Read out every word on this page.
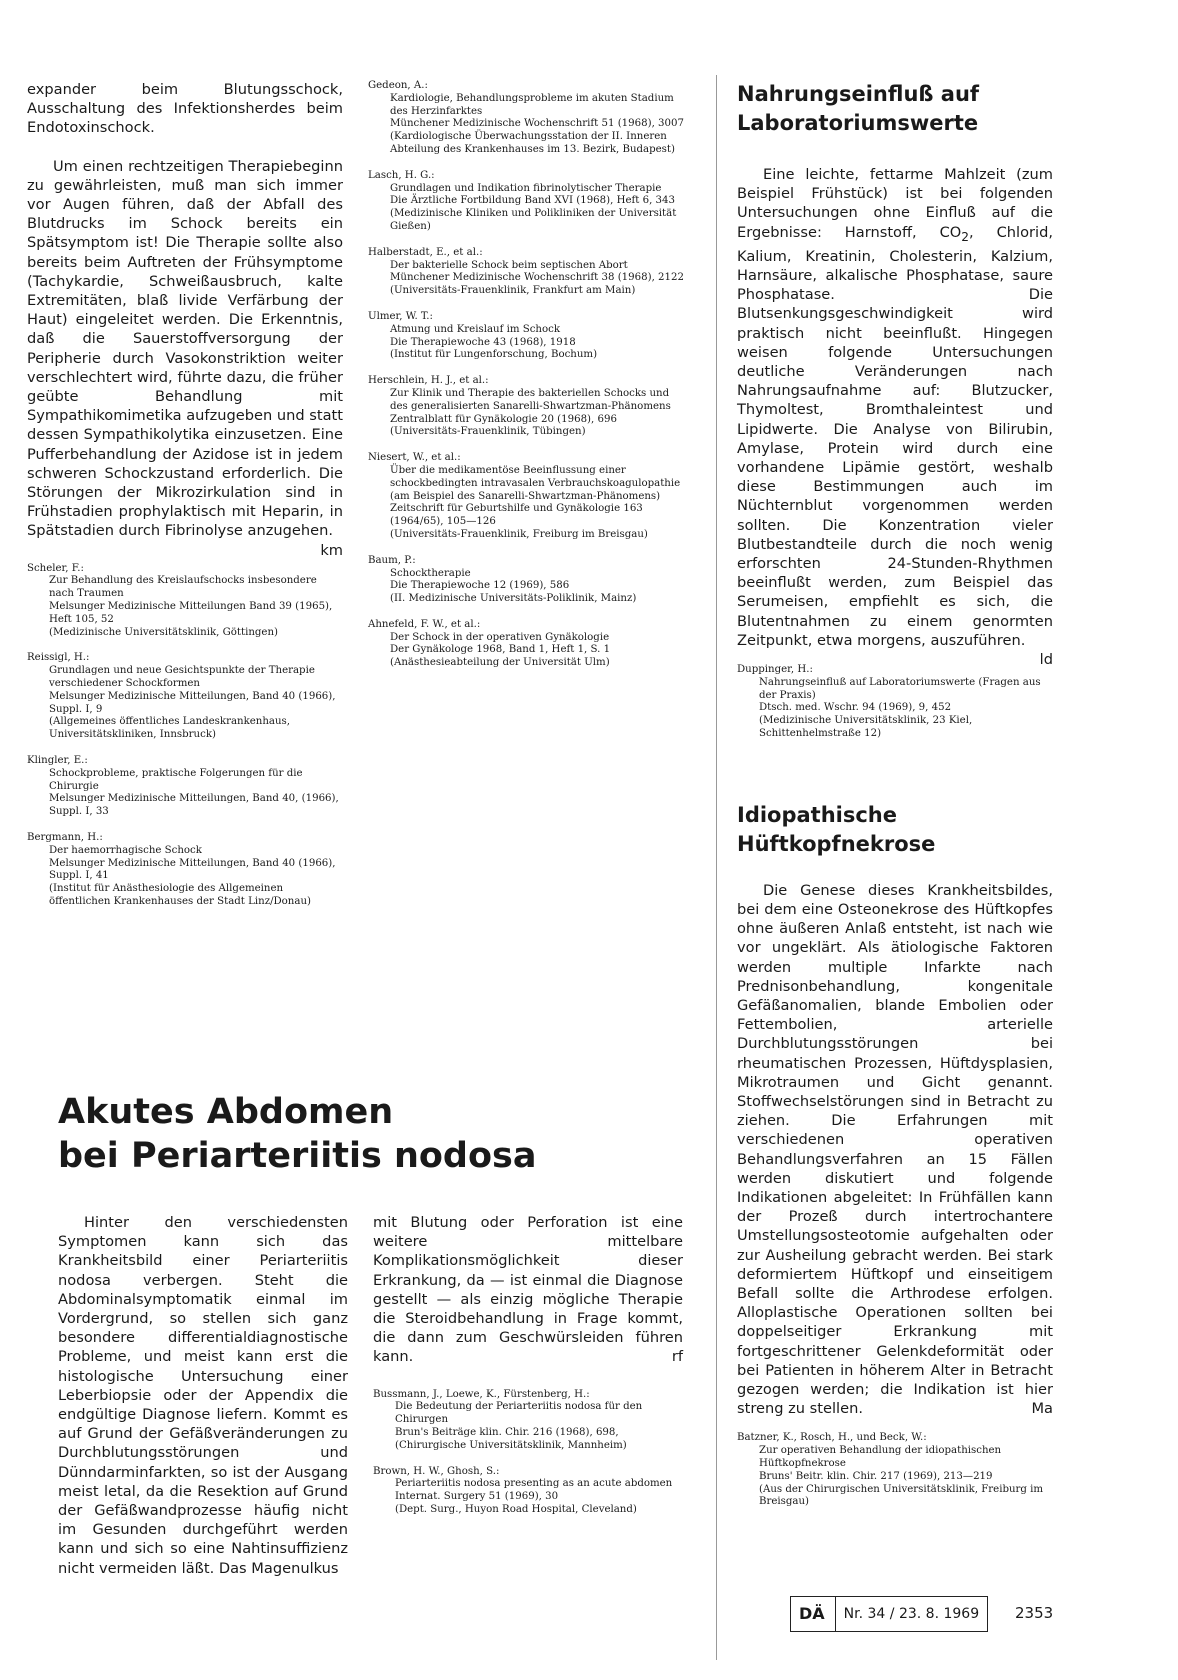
expander beim Blutungsschock, Ausschaltung des Infektionsherdes beim Endotoxinschock.

Um einen rechtzeitigen Therapiebeginn zu gewährleisten, muß man sich immer vor Augen führen, daß der Abfall des Blutdrucks im Schock bereits ein Spätsymptom ist! Die Therapie sollte also bereits beim Auftreten der Frühsymptome (Tachykardie, Schweißausbruch, kalte Extremitäten, blaß livide Verfärbung der Haut) eingeleitet werden. Die Erkenntnis, daß die Sauerstoffversorgung der Peripherie durch Vasokonstriktion weiter verschlechtert wird, führte dazu, die früher geübte Behandlung mit Sympathikomimetika aufzugeben und statt dessen Sympathikolytika einzusetzen. Eine Pufferbehandlung der Azidose ist in jedem schweren Schockzustand erforderlich. Die Störungen der Mikrozirkulation sind in Frühstadien prophylaktisch mit Heparin, in Spätstadien durch Fibrinolyse anzugehen.
km

Scheler, F.:

Zur Behandlung des Kreislaufschocks insbesondere nach Traumen

Melsunger Medizinische Mitteilungen Band 39 (1965), Heft 105, 52

(Medizinische Universitätsklinik, Göttingen)

Reissigl, H.:

Grundlagen und neue Gesichtspunkte der Therapie verschiedener Schockformen

Melsunger Medizinische Mitteilungen, Band 40 (1966), Suppl. I, 9

(Allgemeines öffentliches Landeskrankenhaus, Universitätskliniken, Innsbruck)

Klingler, E.:

Schockprobleme, praktische Folgerungen für die Chirurgie

Melsunger Medizinische Mitteilungen, Band 40, (1966), Suppl. I, 33

Bergmann, H.:

Der haemorrhagische Schock

Melsunger Medizinische Mitteilungen, Band 40 (1966), Suppl. I, 41

(Institut für Anästhesiologie des Allgemeinen öffentlichen Krankenhauses der Stadt Linz/Donau)

Gedeon, A.:

Kardiologie, Behandlungsprobleme im akuten Stadium des Herzinfarktes

Münchener Medizinische Wochenschrift 51 (1968), 3007

(Kardiologische Überwachungsstation der II. Inneren Abteilung des Krankenhauses im 13. Bezirk, Budapest)

Lasch, H. G.:

Grundlagen und Indikation fibrinolytischer Therapie

Die Ärztliche Fortbildung Band XVI (1968), Heft 6, 343

(Medizinische Kliniken und Polikliniken der Universität Gießen)

Halberstadt, E., et al.:

Der bakterielle Schock beim septischen Abort

Münchener Medizinische Wochenschrift 38 (1968), 2122

(Universitäts-Frauenklinik, Frankfurt am Main)

Ulmer, W. T.:

Atmung und Kreislauf im Schock

Die Therapiewoche 43 (1968), 1918

(Institut für Lungenforschung, Bochum)

Herschlein, H. J., et al.:

Zur Klinik und Therapie des bakteriellen Schocks und des generalisierten Sanarelli-Shwartzman-Phänomens

Zentralblatt für Gynäkologie 20 (1968), 696

(Universitäts-Frauenklinik, Tübingen)

Niesert, W., et al.:

Über die medikamentöse Beeinflussung einer schockbedingten intravasalen Verbrauchskoagulopathie (am Beispiel des Sanarelli-Shwartzman-Phänomens)

Zeitschrift für Geburtshilfe und Gynäkologie 163 (1964/65), 105—126

(Universitäts-Frauenklinik, Freiburg im Breisgau)

Baum, P.:

Schocktherapie

Die Therapiewoche 12 (1969), 586

(II. Medizinische Universitäts-Poliklinik, Mainz)

Ahnefeld, F. W., et al.:

Der Schock in der operativen Gynäkologie

Der Gynäkologe 1968, Band 1, Heft 1, S. 1

(Anästhesieabteilung der Universität Ulm)

Akutes Abdomen
bei Periarteriitis nodosa

Hinter den verschiedensten Symptomen kann sich das Krankheitsbild einer Periarteriitis nodosa verbergen. Steht die Abdominalsymptomatik einmal im Vordergrund, so stellen sich ganz besondere differentialdiagnostische Probleme, und meist kann erst die histologische Untersuchung einer Leberbiopsie oder der Appendix die endgültige Diagnose liefern. Kommt es auf Grund der Gefäßveränderungen zu Durchblutungsstörungen und Dünndarminfarkten, so ist der Ausgang meist letal, da die Resektion auf Grund der Gefäßwandprozesse häufig nicht im Gesunden durchgeführt werden kann und sich so eine Nahtinsuffizienz nicht vermeiden läßt. Das Magenulkus

mit Blutung oder Perforation ist eine weitere mittelbare Komplikationsmöglichkeit dieser Erkrankung, da — ist einmal die Diagnose gestellt — als einzig mögliche Therapie die Steroidbehandlung in Frage kommt, die dann zum Geschwürsleiden führen kann.	rf

Bussmann, J., Loewe, K., Fürstenberg, H.:

Die Bedeutung der Periarteriitis nodosa für den Chirurgen

Brun's Beiträge klin. Chir. 216 (1968), 698,

(Chirurgische Universitätsklinik, Mannheim)

Brown, H. W., Ghosh, S.:

Periarteriitis nodosa presenting as an acute abdomen

Internat. Surgery 51 (1969), 30

(Dept. Surg., Huyon Road Hospital, Cleveland)

Nahrungseinfluß auf
Laboratoriumswerte

Eine leichte, fettarme Mahlzeit (zum Beispiel Frühstück) ist bei folgenden Untersuchungen ohne Einfluß auf die Ergebnisse: Harnstoff, $CO_2$, Chlorid, Kalium, Kreatinin, Cholesterin, Kalzium, Harnsäure, alkalische Phosphatase, saure Phosphatase. Die Blutsenkungsgeschwindigkeit wird praktisch nicht beeinflußt. Hingegen weisen folgende Untersuchungen deutliche Veränderungen nach Nahrungsaufnahme auf: Blutzucker, Thymoltest, Bromthaleintest und Lipidwerte. Die Analyse von Bilirubin, Amylase, Protein wird durch eine vorhandene Lipämie gestört, weshalb diese Bestimmungen auch im Nüchternblut vorgenommen werden sollten. Die Konzentration vieler Blutbestandteile durch die noch wenig erforschten 24-Stunden-Rhythmen beeinflußt werden, zum Beispiel das Serumeisen, empfiehlt es sich, die Blutentnahmen zu einem genormten Zeitpunkt, etwa morgens, auszuführen.

ld

Duppinger, H.:

Nahrungseinfluß auf Laboratoriumswerte (Fragen aus der Praxis)

Dtsch. med. Wschr. 94 (1969), 9, 452

(Medizinische Universitätsklinik, 23 Kiel, Schittenhelmstraße 12)

Idiopathische
Hüftkopfnekrose

Die Genese dieses Krankheitsbildes, bei dem eine Osteonekrose des Hüftkopfes ohne äußeren Anlaß entsteht, ist nach wie vor ungeklärt. Als ätiologische Faktoren werden multiple Infarkte nach Prednisonbehandlung, kongenitale Gefäßanomalien, blande Embolien oder Fettembolien, arterielle Durchblutungsstörungen bei rheumatischen Prozessen, Hüftdysplasien, Mikrotraumen und Gicht genannt. Stoffwechselstörungen sind in Betracht zu ziehen. Die Erfahrungen mit verschiedenen operativen Behandlungsverfahren an 15 Fällen werden diskutiert und folgende Indikationen abgeleitet: In Frühfällen kann der Prozeß durch intertrochantere Umstellungsosteotomie aufgehalten oder zur Ausheilung gebracht werden. Bei stark deformiertem Hüftkopf und einseitigem Befall sollte die Arthrodese erfolgen. Alloplastische Operationen sollten bei doppelseitiger Erkrankung mit fortgeschrittener Gelenkdeformität oder bei Patienten in höherem Alter in Betracht gezogen werden; die Indikation ist hier streng zu stellen.	Ma

Batzner, K., Rosch, H., und Beck, W.:

Zur operativen Behandlung der idiopathischen Hüftkopfnekrose

Bruns' Beitr. klin. Chir. 217 (1969), 213—219

(Aus der Chirurgischen Universitätsklinik, Freiburg im Breisgau)

DÄ	Nr. 34 / 23. 8. 1969	2353
